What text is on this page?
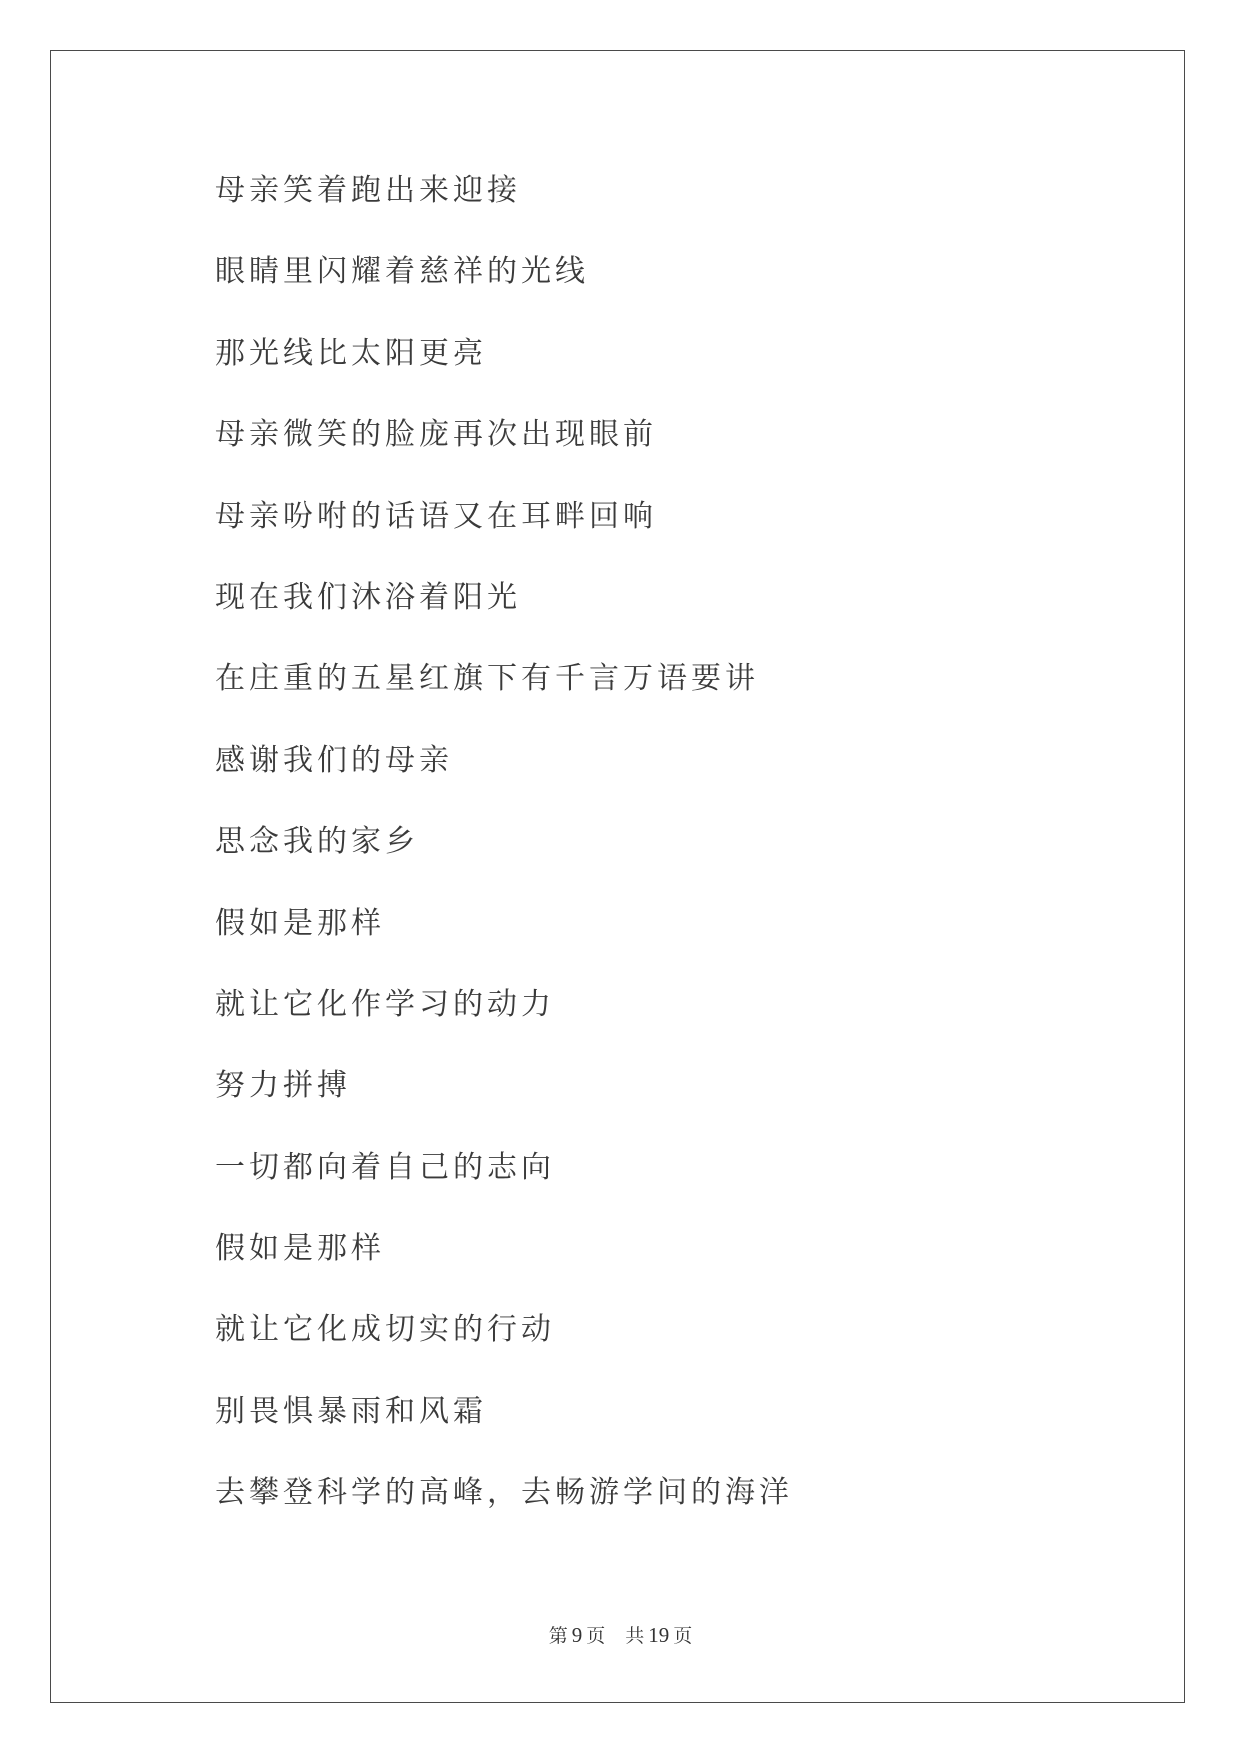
母亲笑着跑出来迎接
眼睛里闪耀着慈祥的光线
那光线比太阳更亮
母亲微笑的脸庞再次出现眼前
母亲吩咐的话语又在耳畔回响
现在我们沐浴着阳光
在庄重的五星红旗下有千言万语要讲
感谢我们的母亲
思念我的家乡
假如是那样
就让它化作学习的动力
努力拼搏
一切都向着自己的志向
假如是那样
就让它化成切实的行动
别畏惧暴雨和风霜
去攀登科学的高峰，去畅游学问的海洋
第 9 页 共 19 页
